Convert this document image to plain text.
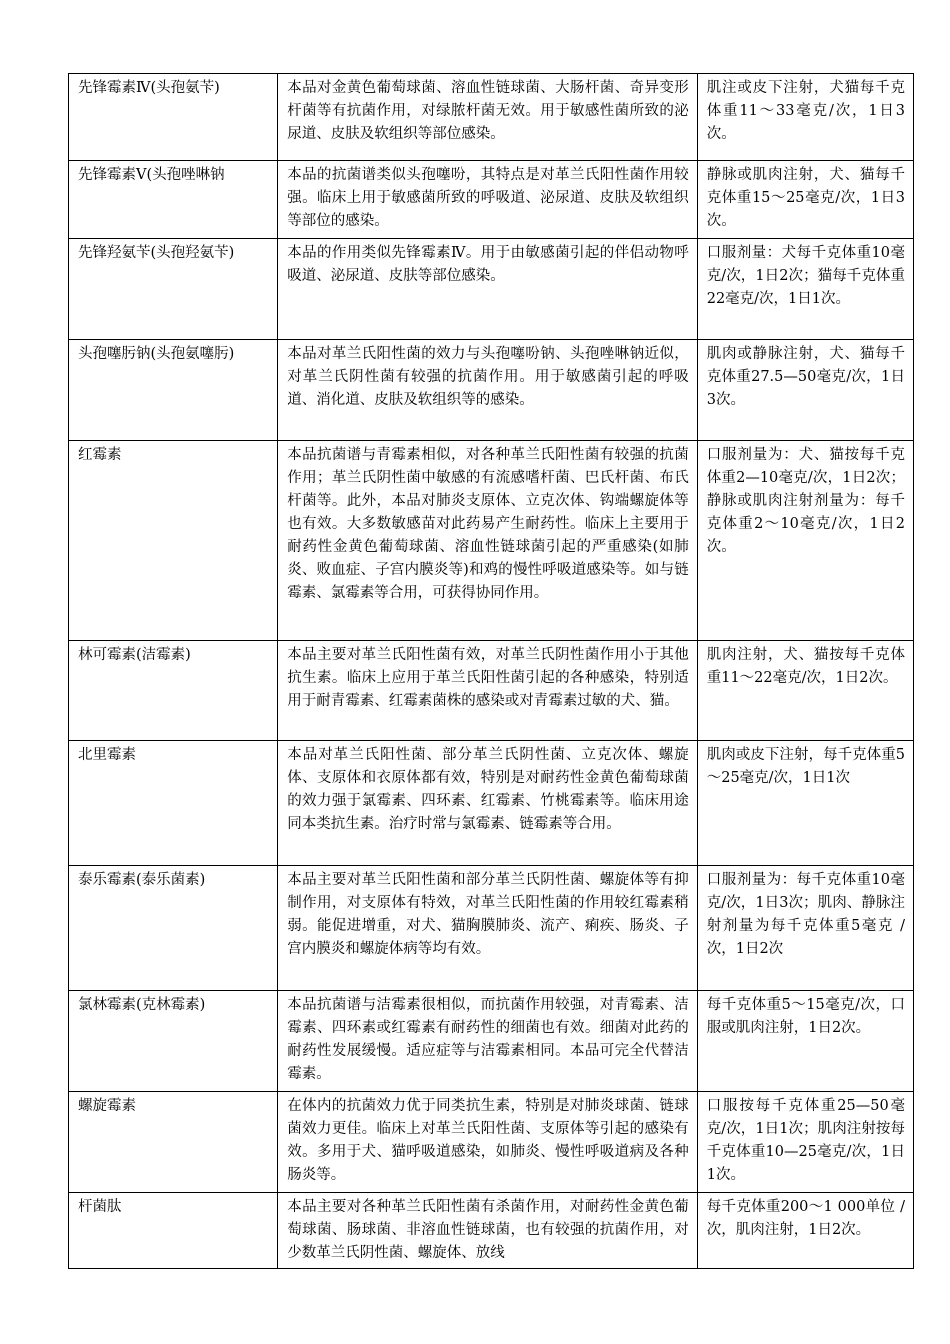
先锋霉素Ⅳ(头孢氨苄)	本品对金黄色葡萄球菌、溶血性链球菌、大肠杆菌、奇异变形杆菌等有抗菌作用，对绿脓杆菌无效。用于敏感性菌所致的泌尿道、皮肤及软组织等部位感染。	肌注或皮下注射，犬猫每千克体重11～33毫克/次，1日3次。
先锋霉素Ⅴ(头孢唑啉钠	本品的抗菌谱类似头孢噻吩，其特点是对革兰氏阳性菌作用较强。临床上用于敏感菌所致的呼吸道、泌尿道、皮肤及软组织等部位的感染。	静脉或肌肉注射，犬、猫每千克体重15～25毫克/次，1日3次。
先锋羟氨苄(头孢羟氨苄)	本品的作用类似先锋霉素Ⅳ。用于由敏感菌引起的伴侣动物呼吸道、泌尿道、皮肤等部位感染。	口服剂量：犬每千克体重10毫克/次，1日2次；猫每千克体重22毫克/次，1日1次。
头孢噻肟钠(头孢氨噻肟)	本品对革兰氏阳性菌的效力与头孢噻吩钠、头孢唑啉钠近似，对革兰氏阴性菌有较强的抗菌作用。用于敏感菌引起的呼吸道、消化道、皮肤及软组织等的感染。	肌肉或静脉注射，犬、猫每千克体重27.5—50毫克/次，1日3次。
红霉素	本品抗菌谱与青霉素相似，对各种革兰氏阳性菌有较强的抗菌作用；革兰氏阴性菌中敏感的有流感嗜杆菌、巴氏杆菌、布氏杆菌等。此外，本品对肺炎支原体、立克次体、钩端螺旋体等也有效。大多数敏感苗对此药易产生耐药性。临床上主要用于耐药性金黄色葡萄球菌、溶血性链球菌引起的严重感染(如肺炎、败血症、子宫内膜炎等)和鸡的慢性呼吸道感染等。如与链霉素、氯霉素等合用，可获得协同作用。	口服剂量为：犬、猫按每千克体重2—10毫克/次，1日2次；静脉或肌肉注射剂量为：每千克体重2～10毫克/次，1日2次。
林可霉素(洁霉素)	本品主要对革兰氏阳性菌有效，对革兰氏阴性菌作用小于其他抗生素。临床上应用于革兰氏阳性菌引起的各种感染，特别适用于耐青霉素、红霉素菌株的感染或对青霉素过敏的犬、猫。	肌肉注射，犬、猫按每千克体重11～22毫克/次，1日2次。
北里霉素	本品对革兰氏阳性菌、部分革兰氏阴性菌、立克次体、螺旋体、支原体和衣原体都有效，特别是对耐药性金黄色葡萄球菌的效力强于氯霉素、四环素、红霉素、竹桃霉素等。临床用途同本类抗生素。治疗时常与氯霉素、链霉素等合用。	肌肉或皮下注射，每千克体重5～25毫克/次，1日1次
泰乐霉素(泰乐菌素)	本品主要对革兰氏阳性菌和部分革兰氏阴性菌、螺旋体等有抑制作用，对支原体有特效，对革兰氏阳性菌的作用较红霉素稍弱。能促进增重，对犬、猫胸膜肺炎、流产、痢疾、肠炎、子宫内膜炎和螺旋体病等均有效。	口服剂量为：每千克体重10毫克/次，1日3次；肌肉、静脉注射剂量为每千克体重5毫克 / 次，1日2次
氯林霉素(克林霉素)	本品抗菌谱与洁霉素很相似，而抗菌作用较强，对青霉素、洁霉素、四环素或红霉素有耐药性的细菌也有效。细菌对此药的耐药性发展缓慢。适应症等与洁霉素相同。本品可完全代替洁霉素。	每千克体重5～15毫克/次，口服或肌肉注射，1日2次。
螺旋霉素	在体内的抗菌效力优于同类抗生素，特别是对肺炎球菌、链球菌效力更佳。临床上对革兰氏阳性菌、支原体等引起的感染有效。多用于犬、猫呼吸道感染，如肺炎、慢性呼吸道病及各种肠炎等。	口服按每千克体重25—50毫克/次，1日1次；肌肉注射按每千克体重10—25毫克/次，1日1次。
杆菌肽	本品主要对各种革兰氏阳性菌有杀菌作用，对耐药性金黄色葡萄球菌、肠球菌、非溶血性链球菌，也有较强的抗菌作用，对少数革兰氏阴性菌、螺旋体、放线	每千克体重200～1 000单位 / 次，肌肉注射，1日2次。
